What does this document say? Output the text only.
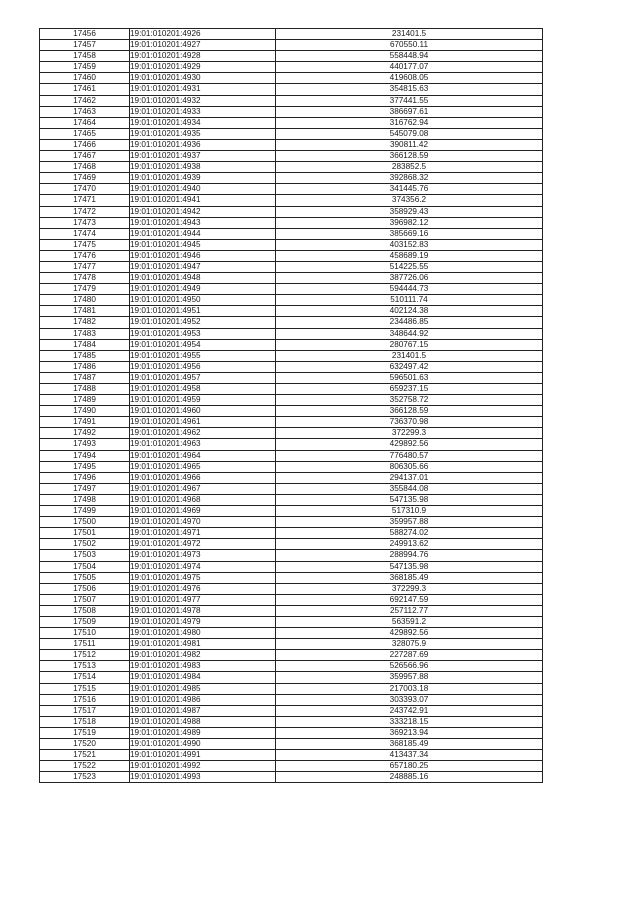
17456	19:01:010201:4926	231401.5
17457	19:01:010201:4927	670550.11
17458	19:01:010201:4928	558448.94
17459	19:01:010201:4929	440177.07
17460	19:01:010201:4930	419608.05
17461	19:01:010201:4931	354815.63
17462	19:01:010201:4932	377441.55
17463	19:01:010201:4933	386697.61
17464	19:01:010201:4934	316762.94
17465	19:01:010201:4935	545079.08
17466	19:01:010201:4936	390811.42
17467	19:01:010201:4937	366128.59
17468	19:01:010201:4938	283852.5
17469	19:01:010201:4939	392868.32
17470	19:01:010201:4940	341445.76
17471	19:01:010201:4941	374356.2
17472	19:01:010201:4942	358929.43
17473	19:01:010201:4943	396982.12
17474	19:01:010201:4944	385669.16
17475	19:01:010201:4945	403152.83
17476	19:01:010201:4946	458689.19
17477	19:01:010201:4947	514225.55
17478	19:01:010201:4948	387726.06
17479	19:01:010201:4949	594444.73
17480	19:01:010201:4950	510111.74
17481	19:01:010201:4951	402124.38
17482	19:01:010201:4952	234486.85
17483	19:01:010201:4953	348644.92
17484	19:01:010201:4954	280767.15
17485	19:01:010201:4955	231401.5
17486	19:01:010201:4956	632497.42
17487	19:01:010201:4957	596501.63
17488	19:01:010201:4958	659237.15
17489	19:01:010201:4959	352758.72
17490	19:01:010201:4960	366128.59
17491	19:01:010201:4961	736370.98
17492	19:01:010201:4962	372299.3
17493	19:01:010201:4963	429892.56
17494	19:01:010201:4964	776480.57
17495	19:01:010201:4965	806305.66
17496	19:01:010201:4966	294137.01
17497	19:01:010201:4967	355844.08
17498	19:01:010201:4968	547135.98
17499	19:01:010201:4969	517310.9
17500	19:01:010201:4970	359957.88
17501	19:01:010201:4971	588274.02
17502	19:01:010201:4972	249913.62
17503	19:01:010201:4973	288994.76
17504	19:01:010201:4974	547135.98
17505	19:01:010201:4975	368185.49
17506	19:01:010201:4976	372299.3
17507	19:01:010201:4977	692147.59
17508	19:01:010201:4978	257112.77
17509	19:01:010201:4979	563591.2
17510	19:01:010201:4980	429892.56
17511	19:01:010201:4981	328075.9
17512	19:01:010201:4982	227287.69
17513	19:01:010201:4983	526566.96
17514	19:01:010201:4984	359957.88
17515	19:01:010201:4985	217003.18
17516	19:01:010201:4986	303393.07
17517	19:01:010201:4987	243742.91
17518	19:01:010201:4988	333218.15
17519	19:01:010201:4989	369213.94
17520	19:01:010201:4990	368185.49
17521	19:01:010201:4991	413437.34
17522	19:01:010201:4992	657180.25
17523	19:01:010201:4993	248885.16
